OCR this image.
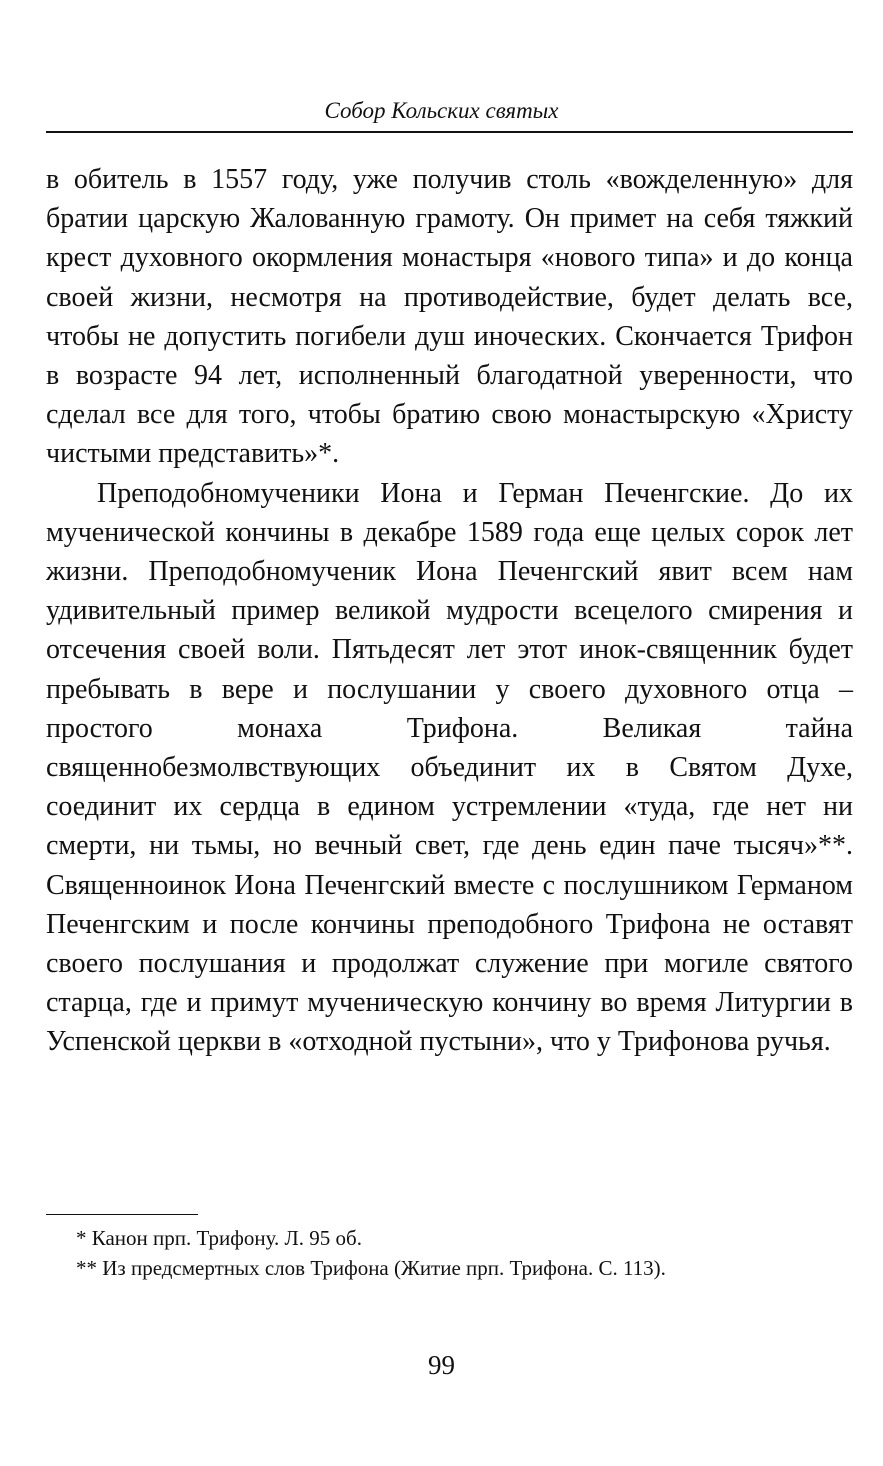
Собор Кольских святых

в обитель в 1557 году, уже получив столь «вожделенную» для братии царскую Жалованную грамоту. Он примет на себя тяжкий крест духовного окормления монастыря «нового типа» и до конца своей жизни, несмотря на противодействие, будет делать все, чтобы не допустить погибели душ иноческих. Скончается Трифон в возрасте 94 лет, исполненный благодатной уверенности, что сделал все для того, чтобы братию свою монастырскую «Христу чистыми представить»*.

Преподобномученики Иона и Герман Печенгские. До их мученической кончины в декабре 1589 года еще целых сорок лет жизни. Преподобномученик Иона Печенгский явит всем нам удивительный пример великой мудрости всецелого смирения и отсечения своей воли. Пятьдесят лет этот инок-священник будет пребывать в вере и послушании у своего духовного отца – простого монаха Трифона. Великая тайна священнобезмолвствующих объединит их в Святом Духе, соединит их сердца в едином устремлении «туда, где нет ни смерти, ни тьмы, но вечный свет, где день един паче тысяч»**. Священноинок Иона Печенгский вместе с послушником Германом Печенгским и после кончины преподобного Трифона не оставят своего послушания и продолжат служение при могиле святого старца, где и примут мученическую кончину во время Литургии в Успенской церкви в «отходной пустыни», что у Трифонова ручья.

* Канон прп. Трифону. Л. 95 об.

** Из предсмертных слов Трифона (Житие прп. Трифона. С. 113).

99
